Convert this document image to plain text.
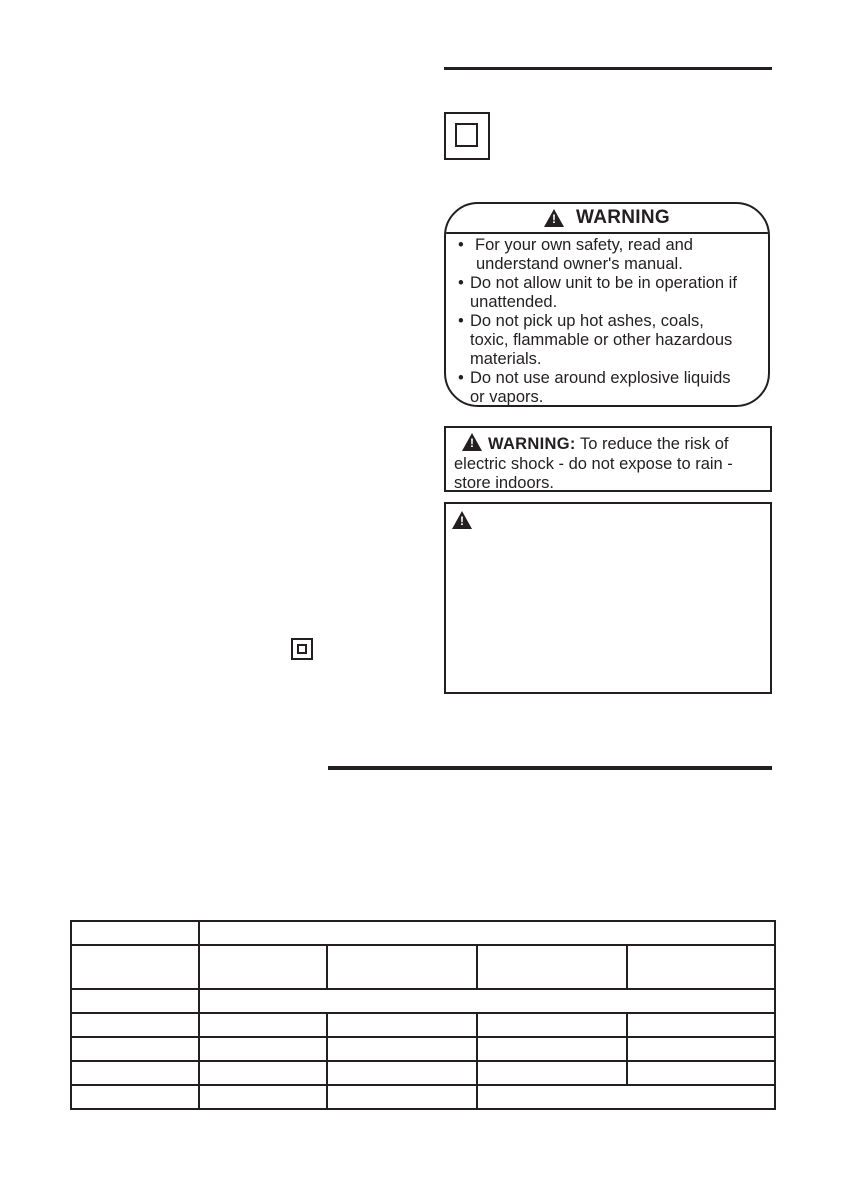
!
WARNING
• For your own safety, read and
understand owner's manual.
• Do not allow unit to be in operation if
unattended.
• Do not pick up hot ashes, coals,
toxic, flammable or other hazardous
materials.
• Do not use around explosive liquids
or vapors.
!WARNING: To reduce the risk of electric shock - do not expose to rain - store indoors.
!
